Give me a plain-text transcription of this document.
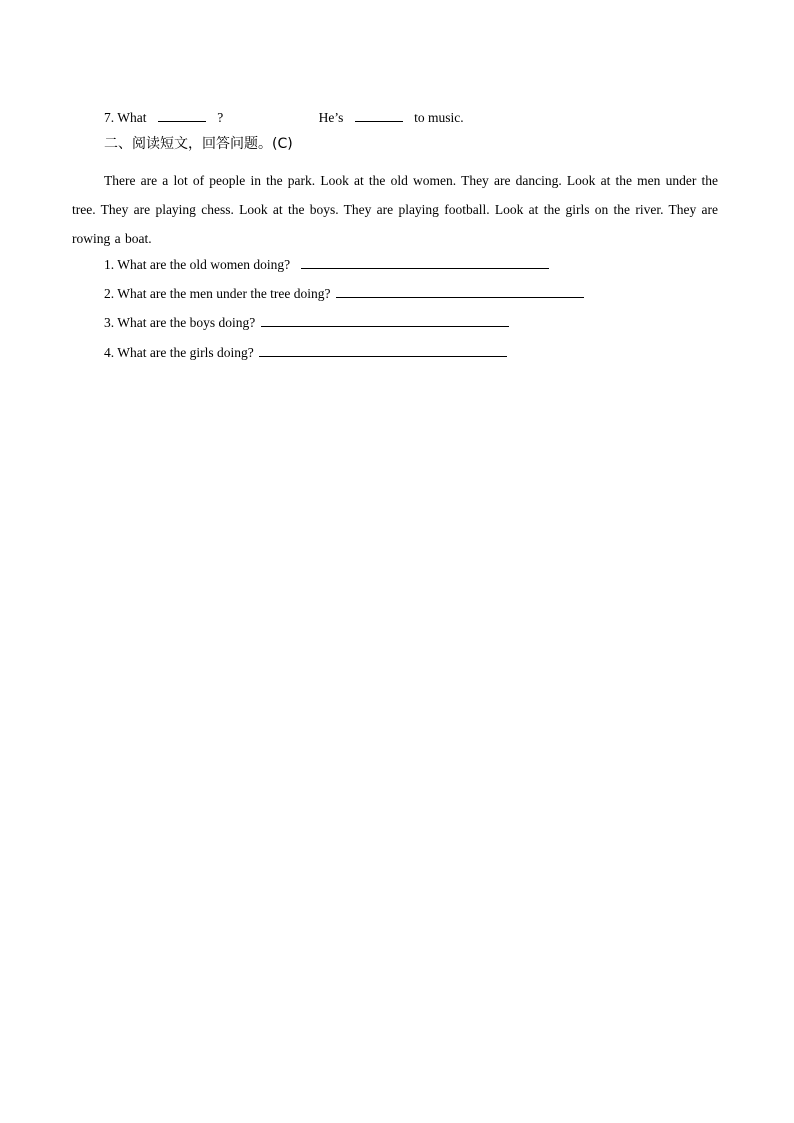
7. What	?	He’s	to music.
二、阅读短文，回答问题。(C)
There are a lot of people in the park. Look at the old women. They are dancing. Look at the men under the tree. They are playing chess. Look at the boys. They are playing football. Look at the girls on the river. They are rowing a boat.
1. What are the old women doing?
2. What are the men under the tree doing?
3. What are the boys doing?
4. What are the girls doing?
